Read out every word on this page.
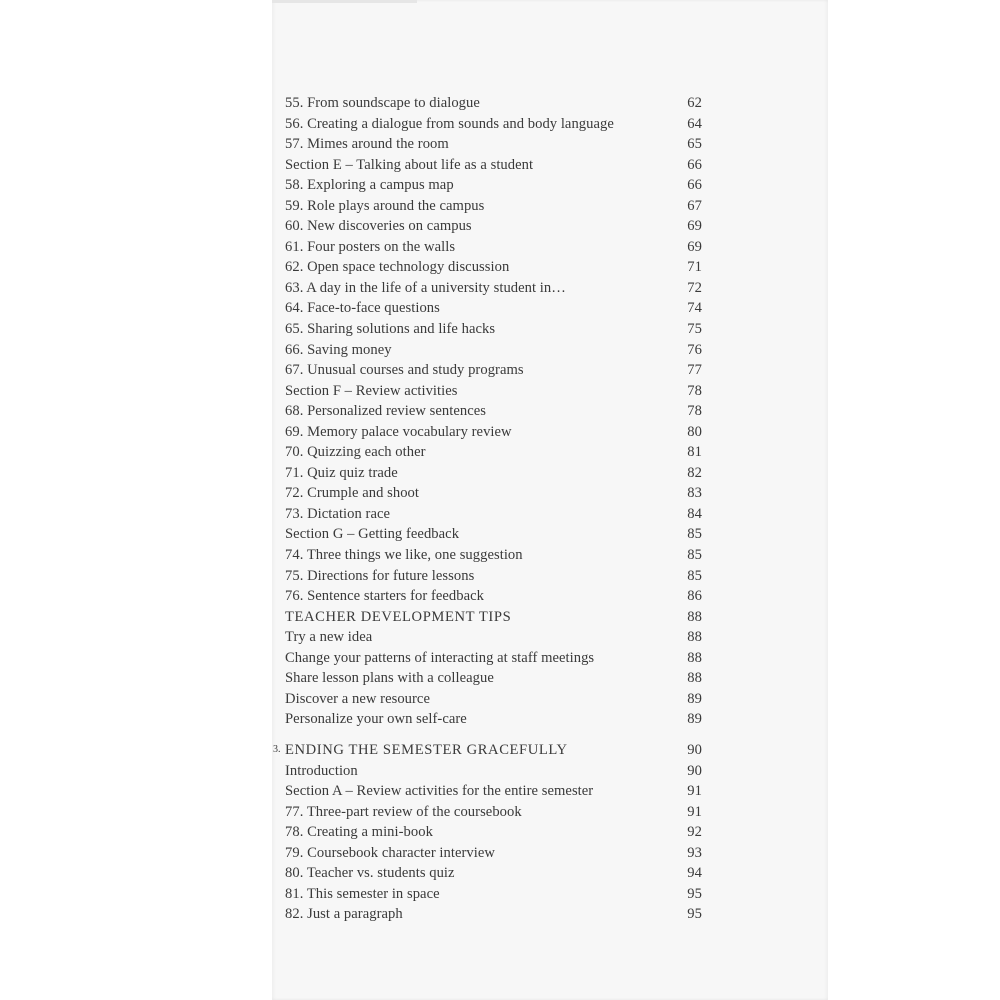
55. From soundscape to dialogue	62
56. Creating a dialogue from sounds and body language	64
57. Mimes around the room	65
Section E – Talking about life as a student	66
58. Exploring a campus map	66
59. Role plays around the campus	67
60. New discoveries on campus	69
61. Four posters on the walls	69
62. Open space technology discussion	71
63. A day in the life of a university student in…	72
64. Face-to-face questions	74
65. Sharing solutions and life hacks	75
66. Saving money	76
67. Unusual courses and study programs	77
Section F – Review activities	78
68. Personalized review sentences	78
69. Memory palace vocabulary review	80
70. Quizzing each other	81
71. Quiz quiz trade	82
72. Crumple and shoot	83
73. Dictation race	84
Section G – Getting feedback	85
74. Three things we like, one suggestion	85
75. Directions for future lessons	85
76. Sentence starters for feedback	86
TEACHER DEVELOPMENT TIPS	88
Try a new idea	88
Change your patterns of interacting at staff meetings	88
Share lesson plans with a colleague	88
Discover a new resource	89
Personalize your own self-care	89
3. ENDING THE SEMESTER GRACEFULLY	90
Introduction	90
Section A – Review activities for the entire semester	91
77. Three-part review of the coursebook	91
78. Creating a mini-book	92
79. Coursebook character interview	93
80. Teacher vs. students quiz	94
81. This semester in space	95
82. Just a paragraph	95
